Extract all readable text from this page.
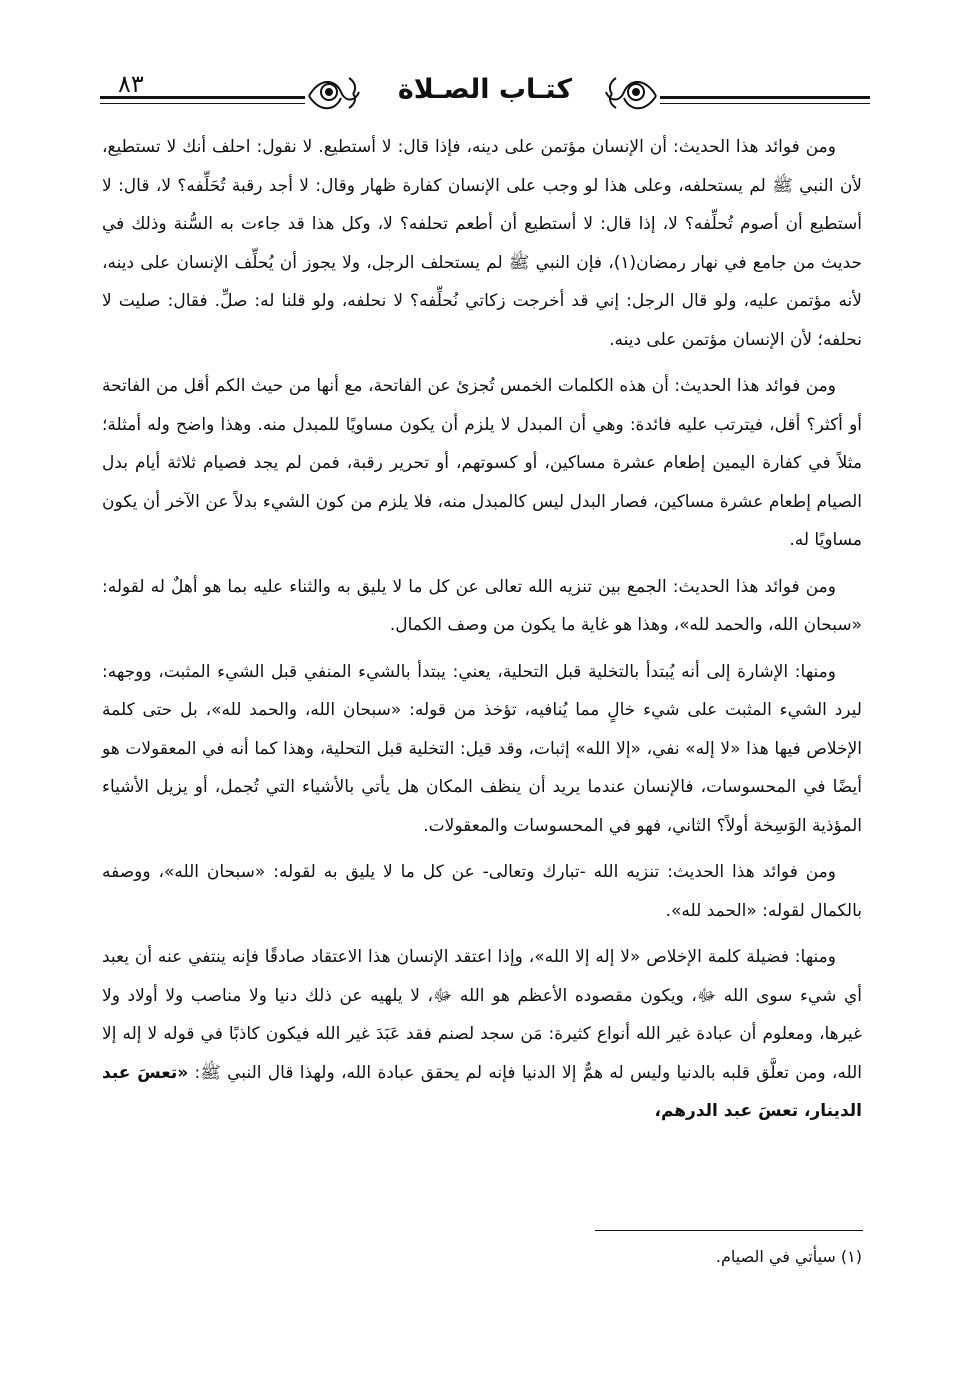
٨٣	كتـاب الصـلاة

ومن فوائد هذا الحديث: أن الإنسان مؤتمن على دينه، فإذا قال: لا أستطيع. لا نقول: احلف أنك لا تستطيع، لأن النبي ﷺ لم يستحلفه، وعلى هذا لو وجب على الإنسان كفارة ظهار وقال: لا أجد رقبة تُحَلِّفه؟ لا، قال: لا أستطيع أن أصوم تُحلِّفه؟ لا، إذا قال: لا أستطيع أن أطعم تحلفه؟ لا، وكل هذا قد جاءت به السُّنة وذلك في حديث من جامع في نهار رمضان(١)، فإن النبي ﷺ لم يستحلف الرجل، ولا يجوز أن يُحلِّف الإنسان على دينه، لأنه مؤتمن عليه، ولو قال الرجل: إني قد أخرجت زكاتي نُحلِّفه؟ لا نحلفه، ولو قلنا له: صلِّ. فقال: صليت لا نحلفه؛ لأن الإنسان مؤتمن على دينه.

ومن فوائد هذا الحديث: أن هذه الكلمات الخمس تُجزئ عن الفاتحة، مع أنها من حيث الكم أقل من الفاتحة أو أكثر؟ أقل، فيترتب عليه فائدة: وهي أن المبدل لا يلزم أن يكون مساويًا للمبدل منه. وهذا واضح وله أمثلة؛ مثلاً في كفارة اليمين إطعام عشرة مساكين، أو كسوتهم، أو تحرير رقبة، فمن لم يجد فصيام ثلاثة أيام بدل الصيام إطعام عشرة مساكين، فصار البدل ليس كالمبدل منه، فلا يلزم من كون الشيء بدلاً عن الآخر أن يكون مساويًا له.

ومن فوائد هذا الحديث: الجمع بين تنزيه الله تعالى عن كل ما لا يليق به والثناء عليه بما هو أهلٌ له لقوله: «سبحان الله، والحمد لله»، وهذا هو غاية ما يكون من وصف الكمال.

ومنها: الإشارة إلى أنه يُبتدأ بالتخلية قبل التحلية، يعني: يبتدأ بالشيء المنفي قبل الشيء المثبت، ووجهه: ليرد الشيء المثبت على شيء خالٍ مما يُنافيه، تؤخذ من قوله: «سبحان الله، والحمد لله»، بل حتى كلمة الإخلاص فيها هذا «لا إله» نفي، «إلا الله» إثبات، وقد قيل: التخلية قبل التحلية، وهذا كما أنه في المعقولات هو أيضًا في المحسوسات، فالإنسان عندما يريد أن ينظف المكان هل يأتي بالأشياء التي تُجمل، أو يزيل الأشياء المؤذية الوَسِخة أولاً؟ الثاني، فهو في المحسوسات والمعقولات.

ومن فوائد هذا الحديث: تنزيه الله -تبارك وتعالى- عن كل ما لا يليق به لقوله: «سبحان الله»، ووصفه بالكمال لقوله: «الحمد لله».

ومنها: فضيلة كلمة الإخلاص «لا إله إلا الله»، وإذا اعتقد الإنسان هذا الاعتقاد صادقًا فإنه ينتفي عنه أن يعبد أي شيء سوى الله ﷻ، ويكون مقصوده الأعظم هو الله ﷻ، لا يلهيه عن ذلك دنيا ولا مناصب ولا أولاد ولا غيرها، ومعلوم أن عبادة غير الله أنواع كثيرة: مَن سجد لصنم فقد عَبَدَ غير الله فيكون كاذبًا في قوله لا إله إلا الله، ومن تعلَّق قلبه بالدنيا وليس له همٌّ إلا الدنيا فإنه لم يحقق عبادة الله، ولهذا قال النبي ﷺ: «تعسَ عبد الدينار، تعسَ عبد الدرهم،

(١) سيأتي في الصيام.
